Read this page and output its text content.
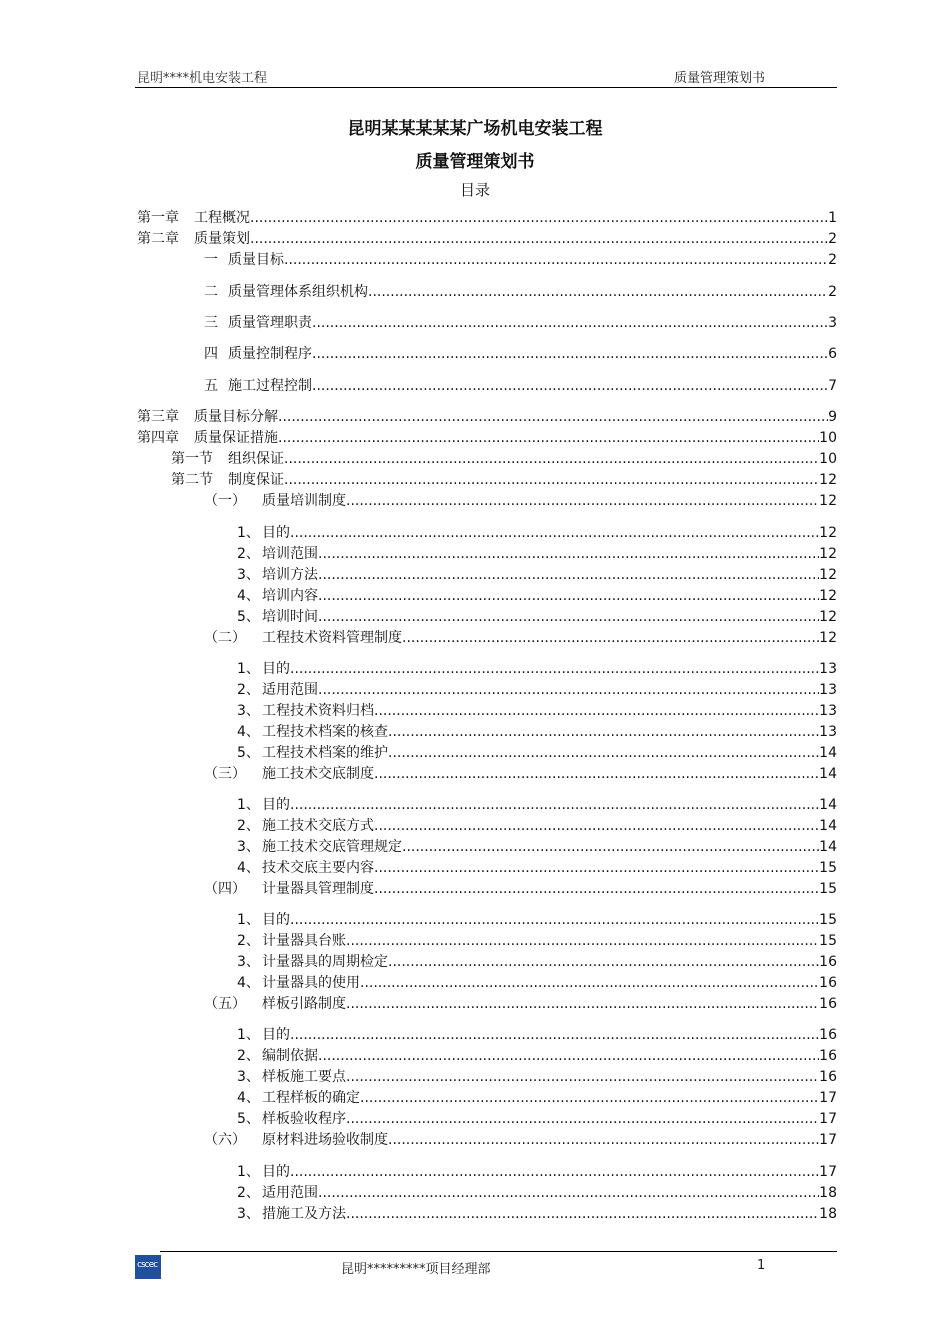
昆明****机电安装工程	质量管理策划书
昆明某某某某某广场机电安装工程
质量管理策划书
目录
第一章	工程概况 .....	1
第二章	质量策划 .....	2
一 质量目标 .....	2
二 质量管理体系组织机构 .....	2
三 质量管理职责 .....	3
四 质量控制程序 .....	6
五 施工过程控制 .....	7
第三章	质量目标分解 .....	9
第四章	质量保证措施 .....	10
第一节	组织保证 .....	10
第二节	制度保证 .....	12
（一）	质量培训制度 .....	12
1、 目的 .....	12
2、 培训范围 .....	12
3、 培训方法 .....	12
4、 培训内容 .....	12
5、 培训时间 .....	12
（二）	工程技术资料管理制度 .....	12
1、 目的 .....	13
2、 适用范围 .....	13
3、 工程技术资料归档 .....	13
4、 工程技术档案的核查 .....	13
5、 工程技术档案的维护 .....	14
（三）	施工技术交底制度 .....	14
1、 目的 .....	14
2、 施工技术交底方式 .....	14
3、 施工技术交底管理规定 .....	14
4、 技术交底主要内容 .....	15
（四）	计量器具管理制度 .....	15
1、 目的 .....	15
2、 计量器具台账 .....	15
3、 计量器具的周期检定 .....	16
4、 计量器具的使用 .....	16
（五）	样板引路制度 .....	16
1、 目的 .....	16
2、 编制依据 .....	16
3、 样板施工要点 .....	16
4、 工程样板的确定 .....	17
5、 样板验收程序 .....	17
（六）	原材料进场验收制度 .....	17
1、 目的 .....	17
2、 适用范围 .....	18
3、 措施工及方法 .....	18
cscec	昆明*********项目经理部	1
